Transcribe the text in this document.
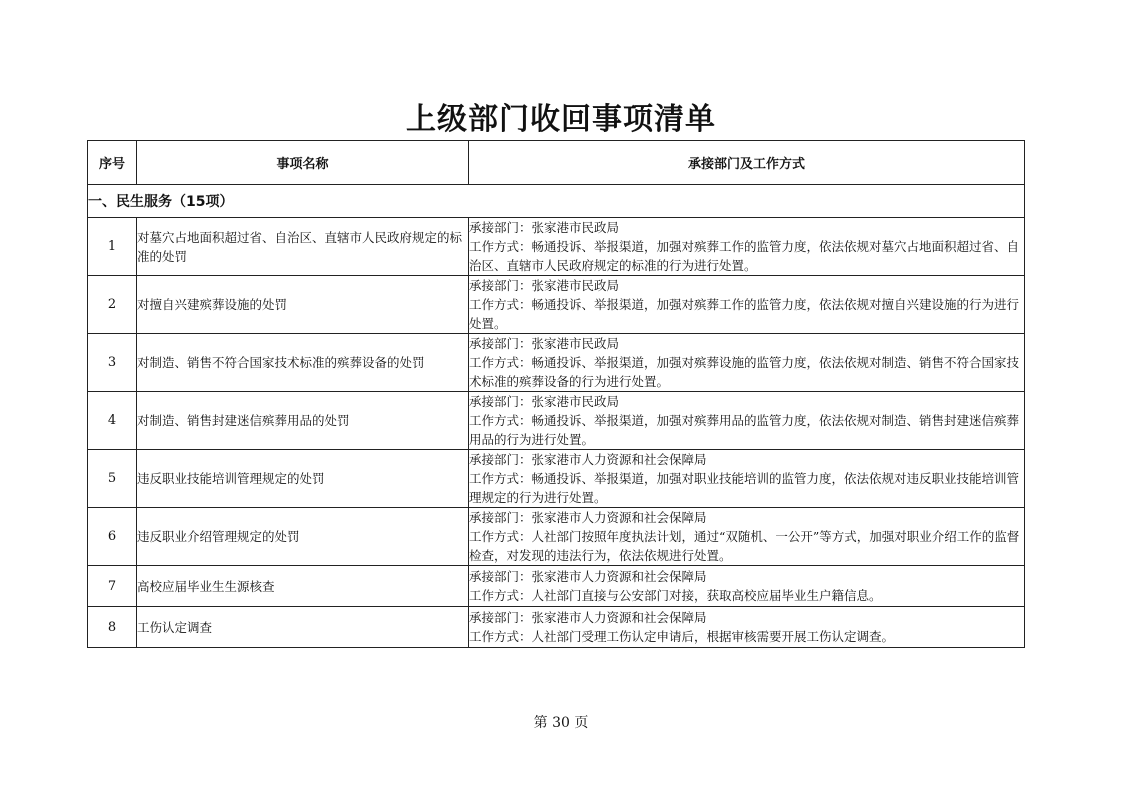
上级部门收回事项清单
序号	事项名称	承接部门及工作方式
一、民生服务（15项）		
1	对墓穴占地面积超过省、自治区、直辖市人民政府规定的标准的处罚	承接部门：张家港市民政局
工作方式：畅通投诉、举报渠道，加强对殡葬工作的监管力度，依法依规对墓穴占地面积超过省、自治区、直辖市人民政府规定的标准的行为进行处置。

2	对擅自兴建殡葬设施的处罚	承接部门：张家港市民政局
工作方式：畅通投诉、举报渠道，加强对殡葬工作的监管力度，依法依规对擅自兴建设施的行为进行处置。

3	对制造、销售不符合国家技术标准的殡葬设备的处罚	承接部门：张家港市民政局
工作方式：畅通投诉、举报渠道，加强对殡葬设施的监管力度，依法依规对制造、销售不符合国家技术标准的殡葬设备的行为进行处置。

4	对制造、销售封建迷信殡葬用品的处罚	承接部门：张家港市民政局
工作方式：畅通投诉、举报渠道，加强对殡葬用品的监管力度，依法依规对制造、销售封建迷信殡葬用品的行为进行处置。

5	违反职业技能培训管理规定的处罚	承接部门：张家港市人力资源和社会保障局
工作方式：畅通投诉、举报渠道，加强对职业技能培训的监管力度，依法依规对违反职业技能培训管理规定的行为进行处置。

6	违反职业介绍管理规定的处罚	承接部门：张家港市人力资源和社会保障局
工作方式：人社部门按照年度执法计划，通过“双随机、一公开”等方式，加强对职业介绍工作的监督检查，对发现的违法行为，依法依规进行处置。

7	高校应届毕业生生源核查	承接部门：张家港市人力资源和社会保障局
工作方式：人社部门直接与公安部门对接，获取高校应届毕业生户籍信息。

8	工伤认定调查	承接部门：张家港市人力资源和社会保障局
工作方式：人社部门受理工伤认定申请后，根据审核需要开展工伤认定调查。
第 30 页
